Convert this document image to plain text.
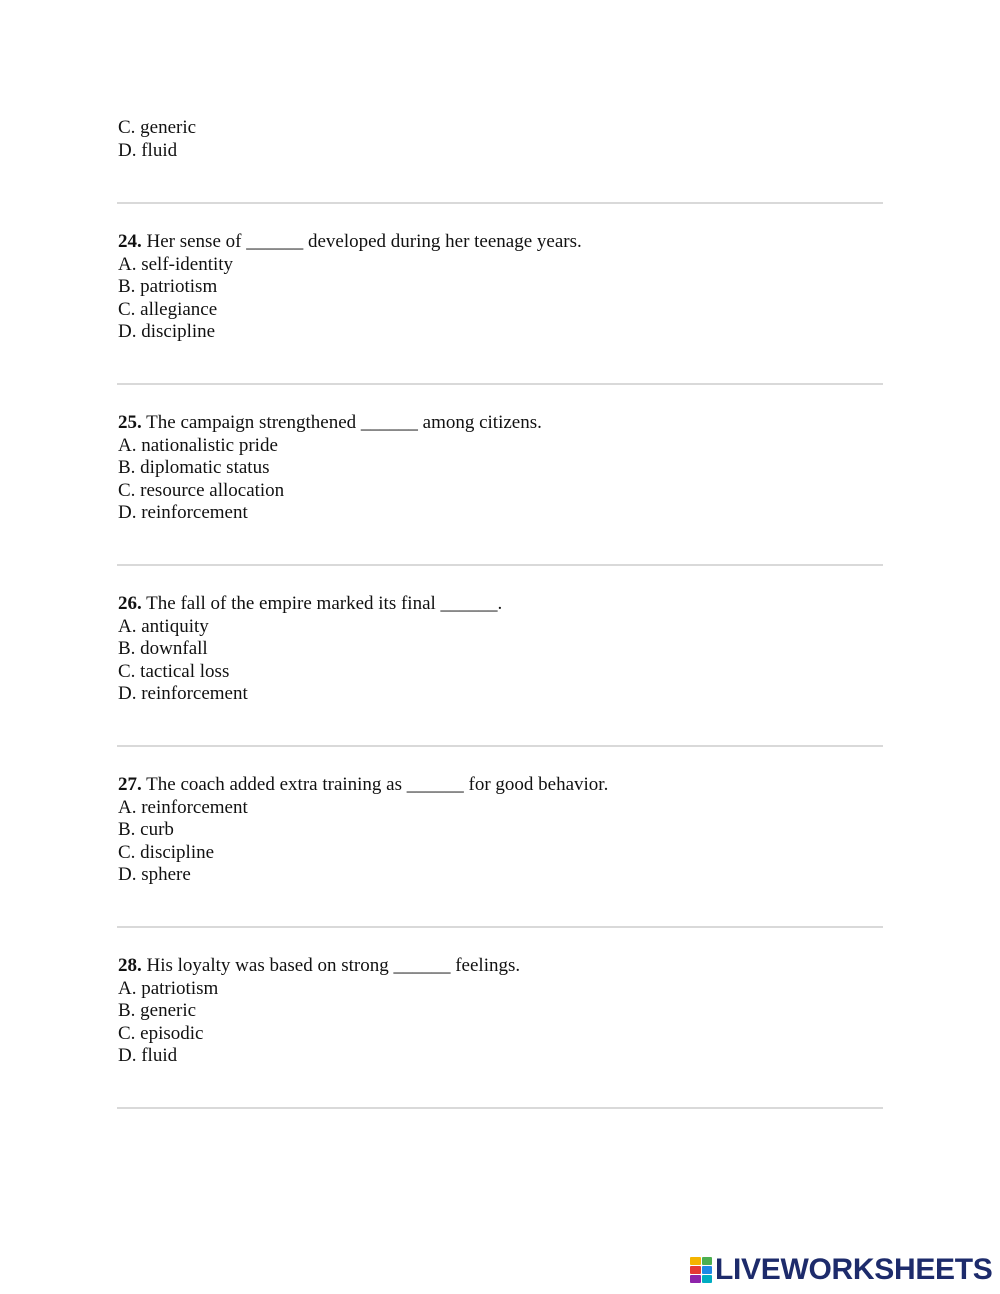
C. generic
D. fluid
24. Her sense of ______ developed during her teenage years.
A. self-identity
B. patriotism
C. allegiance
D. discipline
25. The campaign strengthened ______ among citizens.
A. nationalistic pride
B. diplomatic status
C. resource allocation
D. reinforcement
26. The fall of the empire marked its final ______.
A. antiquity
B. downfall
C. tactical loss
D. reinforcement
27. The coach added extra training as ______ for good behavior.
A. reinforcement
B. curb
C. discipline
D. sphere
28. His loyalty was based on strong ______ feelings.
A. patriotism
B. generic
C. episodic
D. fluid
LIVEWORKSHEETS
